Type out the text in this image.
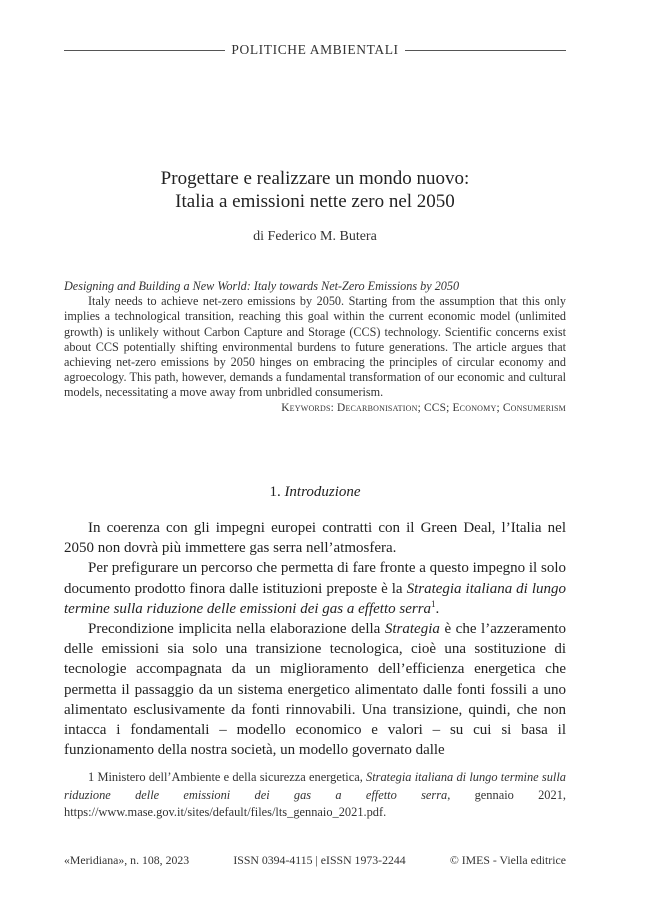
POLITICHE AMBIENTALI
Progettare e realizzare un mondo nuovo:
Italia a emissioni nette zero nel 2050
di Federico M. Butera

Designing and Building a New World: Italy towards Net-Zero Emissions by 2050

Italy needs to achieve net-zero emissions by 2050. Starting from the assumption that this only implies a technological transition, reaching this goal within the current economic model (unlimited growth) is unlikely without Carbon Capture and Storage (CCS) technology. Scientific concerns exist about CCS potentially shifting environmental burdens to future generations. The article argues that achieving net-zero emissions by 2050 hinges on embracing the principles of circular economy and agroecology. This path, however, demands a fundamental transformation of our economic and cultural models, necessitating a move away from unbridled consumerism.

Keywords: Decarbonisation; CCS; Economy; Consumerism
1. Introduzione

In coerenza con gli impegni europei contratti con il Green Deal, l’Italia nel 2050 non dovrà più immettere gas serra nell’atmosfera.

Per prefigurare un percorso che permetta di fare fronte a questo impegno il solo documento prodotto finora dalle istituzioni preposte è la Strategia italiana di lungo termine sulla riduzione delle emissioni dei gas a effetto serra$^1$.

Precondizione implicita nella elaborazione della Strategia è che l’azzeramento delle emissioni sia solo una transizione tecnologica, cioè una sostituzione di tecnologie accompagnata da un miglioramento dell’efficienza energetica che permetta il passaggio da un sistema energetico alimentato dalle fonti fossili a uno alimentato esclusivamente da fonti rinnovabili. Una transizione, quindi, che non intacca i fondamentali – modello economico e valori – su cui si basa il funzionamento della nostra società, un modello governato dalle

1 Ministero dell’Ambiente e della sicurezza energetica, Strategia italiana di lungo termine sulla riduzione delle emissioni dei gas a effetto serra, gennaio 2021, https://www.mase.gov.it/sites/default/files/lts_gennaio_2021.pdf.

«Meridiana», n. 108, 2023	ISSN 0394-4115 | eISSN 1973-2244	© IMES - Viella editrice
